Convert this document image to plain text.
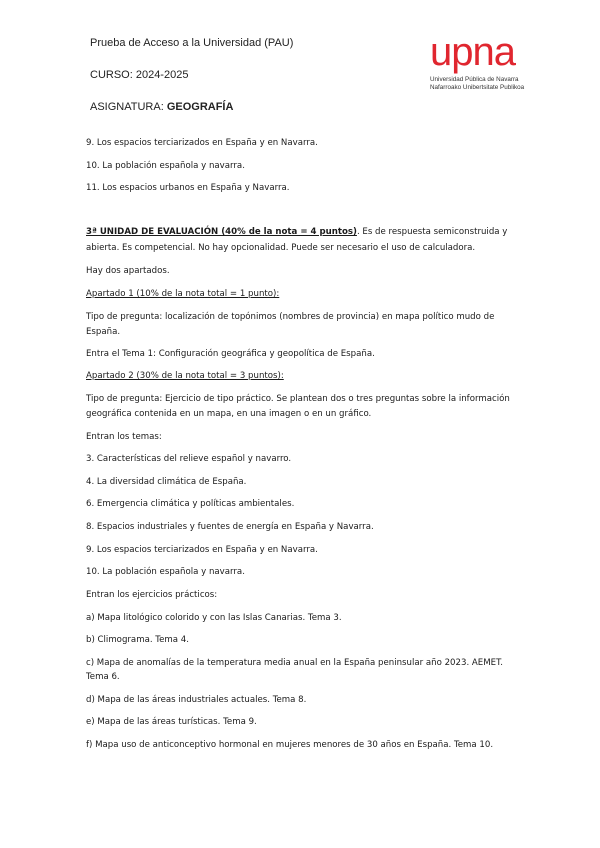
Prueba de Acceso a la Universidad (PAU)
CURSO: 2024-2025
ASIGNATURA: GEOGRAFÍA
upna
Universidad Pública de Navarra
Nafarroako Unibertsitate Publikoa

9. Los espacios terciarizados en España y en Navarra.

10. La población española y navarra.

11. Los espacios urbanos en España y Navarra.

3ª UNIDAD DE EVALUACIÓN (40% de la nota = 4 puntos). Es de respuesta semiconstruida y

abierta. Es competencial. No hay opcionalidad. Puede ser necesario el uso de calculadora.

Hay dos apartados.

Apartado 1 (10% de la nota total = 1 punto):

Tipo de pregunta: localización de topónimos (nombres de provincia) en mapa político mudo de

España.

Entra el Tema 1: Configuración geográfica y geopolítica de España.

Apartado 2 (30% de la nota total = 3 puntos):

Tipo de pregunta: Ejercicio de tipo práctico. Se plantean dos o tres preguntas sobre la información

geográfica contenida en un mapa, en una imagen o en un gráfico.

Entran los temas:

3. Características del relieve español y navarro.

4. La diversidad climática de España.

6. Emergencia climática y políticas ambientales.

8. Espacios industriales y fuentes de energía en España y Navarra.

9. Los espacios terciarizados en España y en Navarra.

10. La población española y navarra.

Entran los ejercicios prácticos:

a) Mapa litológico colorido y con las Islas Canarias. Tema 3.

b) Climograma. Tema 4.

c) Mapa de anomalías de la temperatura media anual en la España peninsular año 2023. AEMET.

Tema 6.

d) Mapa de las áreas industriales actuales. Tema 8.

e) Mapa de las áreas turísticas. Tema 9.

f) Mapa uso de anticonceptivo hormonal en mujeres menores de 30 años en España. Tema 10.
